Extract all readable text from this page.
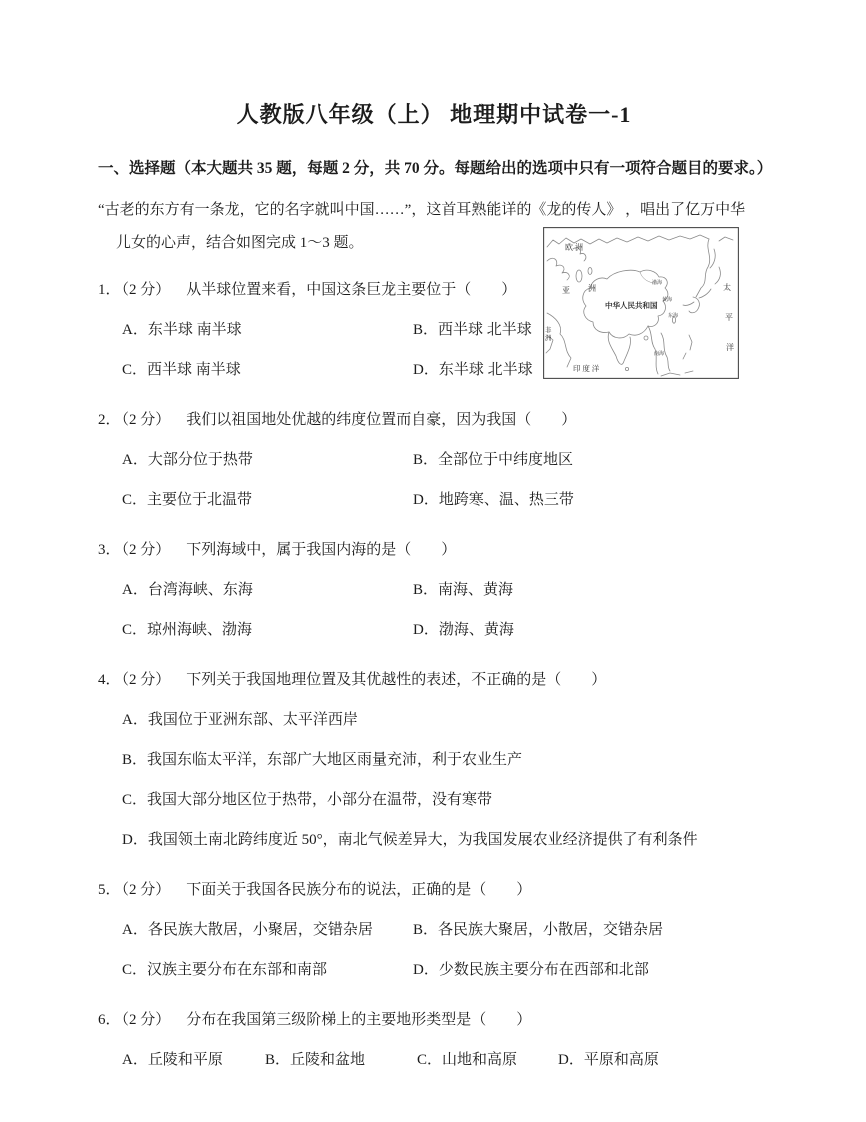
欧 洲
亚 洲
中华人民共和国
太
平
洋
印 度 洋
非
洲
渤海
黄海
东海
南海
人教版八年级（上） 地理期中试卷一-1
一、选择题（本大题共 35 题，每题 2 分，共 70 分。每题给出的选项中只有一项符合题目的要求。）
“古老的东方有一条龙，它的名字就叫中国……”，这首耳熟能详的《龙的传人》 ，唱出了亿万中华
儿女的心声，结合如图完成 1～3 题。
1．（2 分） 从半球位置来看，中国这条巨龙主要位于（　　）
A．东半球 南半球	B．西半球 北半球
C．西半球 南半球	D．东半球 北半球
2．（2 分） 我们以祖国地处优越的纬度位置而自豪，因为我国（　　）
A．大部分位于热带	B．全部位于中纬度地区
C．主要位于北温带	D．地跨寒、温、热三带
3．（2 分） 下列海域中，属于我国内海的是（　　）
A．台湾海峡、东海	B．南海、黄海
C．琼州海峡、渤海	D．渤海、黄海
4．（2 分） 下列关于我国地理位置及其优越性的表述，不正确的是（　　）
A．我国位于亚洲东部、太平洋西岸
B．我国东临太平洋，东部广大地区雨量充沛，利于农业生产
C．我国大部分地区位于热带，小部分在温带，没有寒带
D．我国领土南北跨纬度近 50°，南北气候差异大，为我国发展农业经济提供了有利条件
5．（2 分） 下面关于我国各民族分布的说法，正确的是（　　）
A．各民族大散居，小聚居，交错杂居	B．各民族大聚居，小散居，交错杂居
C．汉族主要分布在东部和南部	D．少数民族主要分布在西部和北部
6．（2 分） 分布在我国第三级阶梯上的主要地形类型是（　　）
A．丘陵和平原	B．丘陵和盆地	C．山地和高原	D．平原和高原
